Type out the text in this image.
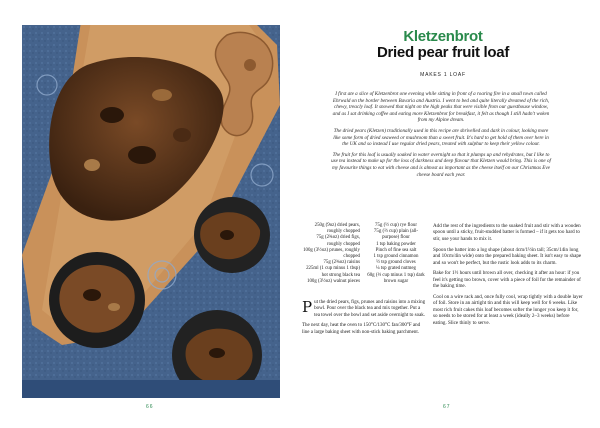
66
Kletzenbrot
Dried pear fruit loaf
MAKES 1 LOAF

I first ate a slice of Kletzenbrot one evening while sitting in front of a roaring fire in a small town called Ehrwald on the border between Bavaria and Austria. I went to bed and quite literally dreamed of the rich, chewy, treacly loaf. It snowed that night on the high peaks that were visible from our guesthouse window, and as I sat drinking coffee and eating more Kletzenbrot for breakfast, it felt as though I still hadn't woken from my Alpine dream.

The dried pears (Kletzen) traditionally used in this recipe are shrivelled and dark in colour, looking more like some form of dried seaweed or mushroom than a sweet fruit. It's hard to get hold of them over here in the UK and so instead I use regular dried pears, treated with sulphur to keep their yellow colour.

The fruit for this loaf is usually soaked in water overnight so that it plumps up and rehydrates, but I like to use tea instead to make up for the loss of darkness and deep flavour that Kletzen would bring. This is one of my favourite things to eat with cheese and is almost as important as the cheese itself on our Christmas Eve cheese board each year.

250g (9oz) dried pears, roughly chopped

75g (2¾oz) dried figs, roughly chopped

100g (3½oz) prunes, roughly chopped

75g (2¾oz) raisins

225ml (1 cup minus 1 tbsp) hot strong black tea

100g (3½oz) walnut pieces

75g (½ cup) rye flour

75g (⅔ cup) plain (all-purpose) flour

1 tsp baking powder

Pinch of fine sea salt

1 tsp ground cinnamon

½ tsp ground cloves

¼ tsp grated nutmeg

60g (⅓ cup minus 1 tsp) dark brown sugar

Put the dried pears, figs, prunes and raisins into a mixing bowl. Pour over the black tea and mix together. Put a tea towel over the bowl and set aside overnight to soak.

The next day, heat the oven to 150°C/130°C fan/300°F and line a large baking sheet with non-stick baking parchment.

Add the rest of the ingredients to the soaked fruit and stir with a wooden spoon until a sticky, fruit-studded batter is formed – if it gets too hard to stir, use your hands to mix it.

Spoon the batter into a log shape (about 4cm/1½in tall; 35cm/14in long and 10cm/4in wide) onto the prepared baking sheet. It isn't easy to shape and so won't be perfect, but the rustic look adds to its charm.

Bake for 1½ hours until brown all over, checking it after an hour: if you feel it's getting too brown, cover with a piece of foil for the remainder of the baking time.

Cool on a wire rack and, once fully cool, wrap tightly with a double layer of foil. Store in an airtight tin and this will keep well for 6 weeks. Like most rich fruit cakes this loaf becomes softer the longer you keep it for, so needs to be stored for at least a week (ideally 2–3 weeks) before eating. Slice thinly to serve.

67
